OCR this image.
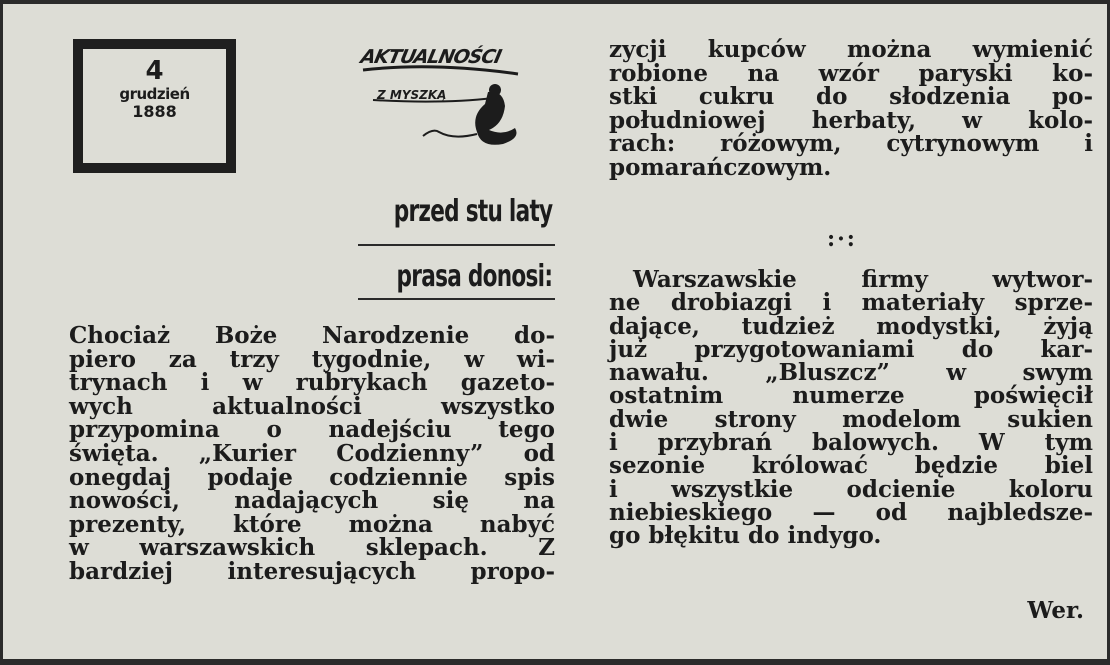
4
grudzień
1888
AKTUALNOŚCI
Z MYSZKĄ
przed stu laty
prasa donosi:
Chociaż Boże Narodzenie do-
piero za trzy tygodnie, w wi-
trynach i w rubrykach gazeto-
wych aktualności wszystko
przypomina o nadejściu tego
święta. „Kurier Codzienny” od
onegdaj podaje codziennie spis
nowości, nadających się na
prezenty, które można nabyć
w warszawskich sklepach. Z
bardziej interesujących propo-
zycji kupców można wymienić
robione na wzór paryski ko-
stki cukru do słodzenia po-
południowej herbaty, w kolo-
rach: różowym, cytrynowym i
pomarańczowym.
:·:
Warszawskie firmy wytwor-
ne drobiazgi i materiały sprze-
dające, tudzież modystki, żyją
już przygotowaniami do kar-
nawału. „Bluszcz” w swym
ostatnim numerze poświęcił
dwie strony modelom sukien
i przybrań balowych. W tym
sezonie królować będzie biel
i wszystkie odcienie koloru
niebieskiego — od najbledsze-
go błękitu do indygo.
Wer.
